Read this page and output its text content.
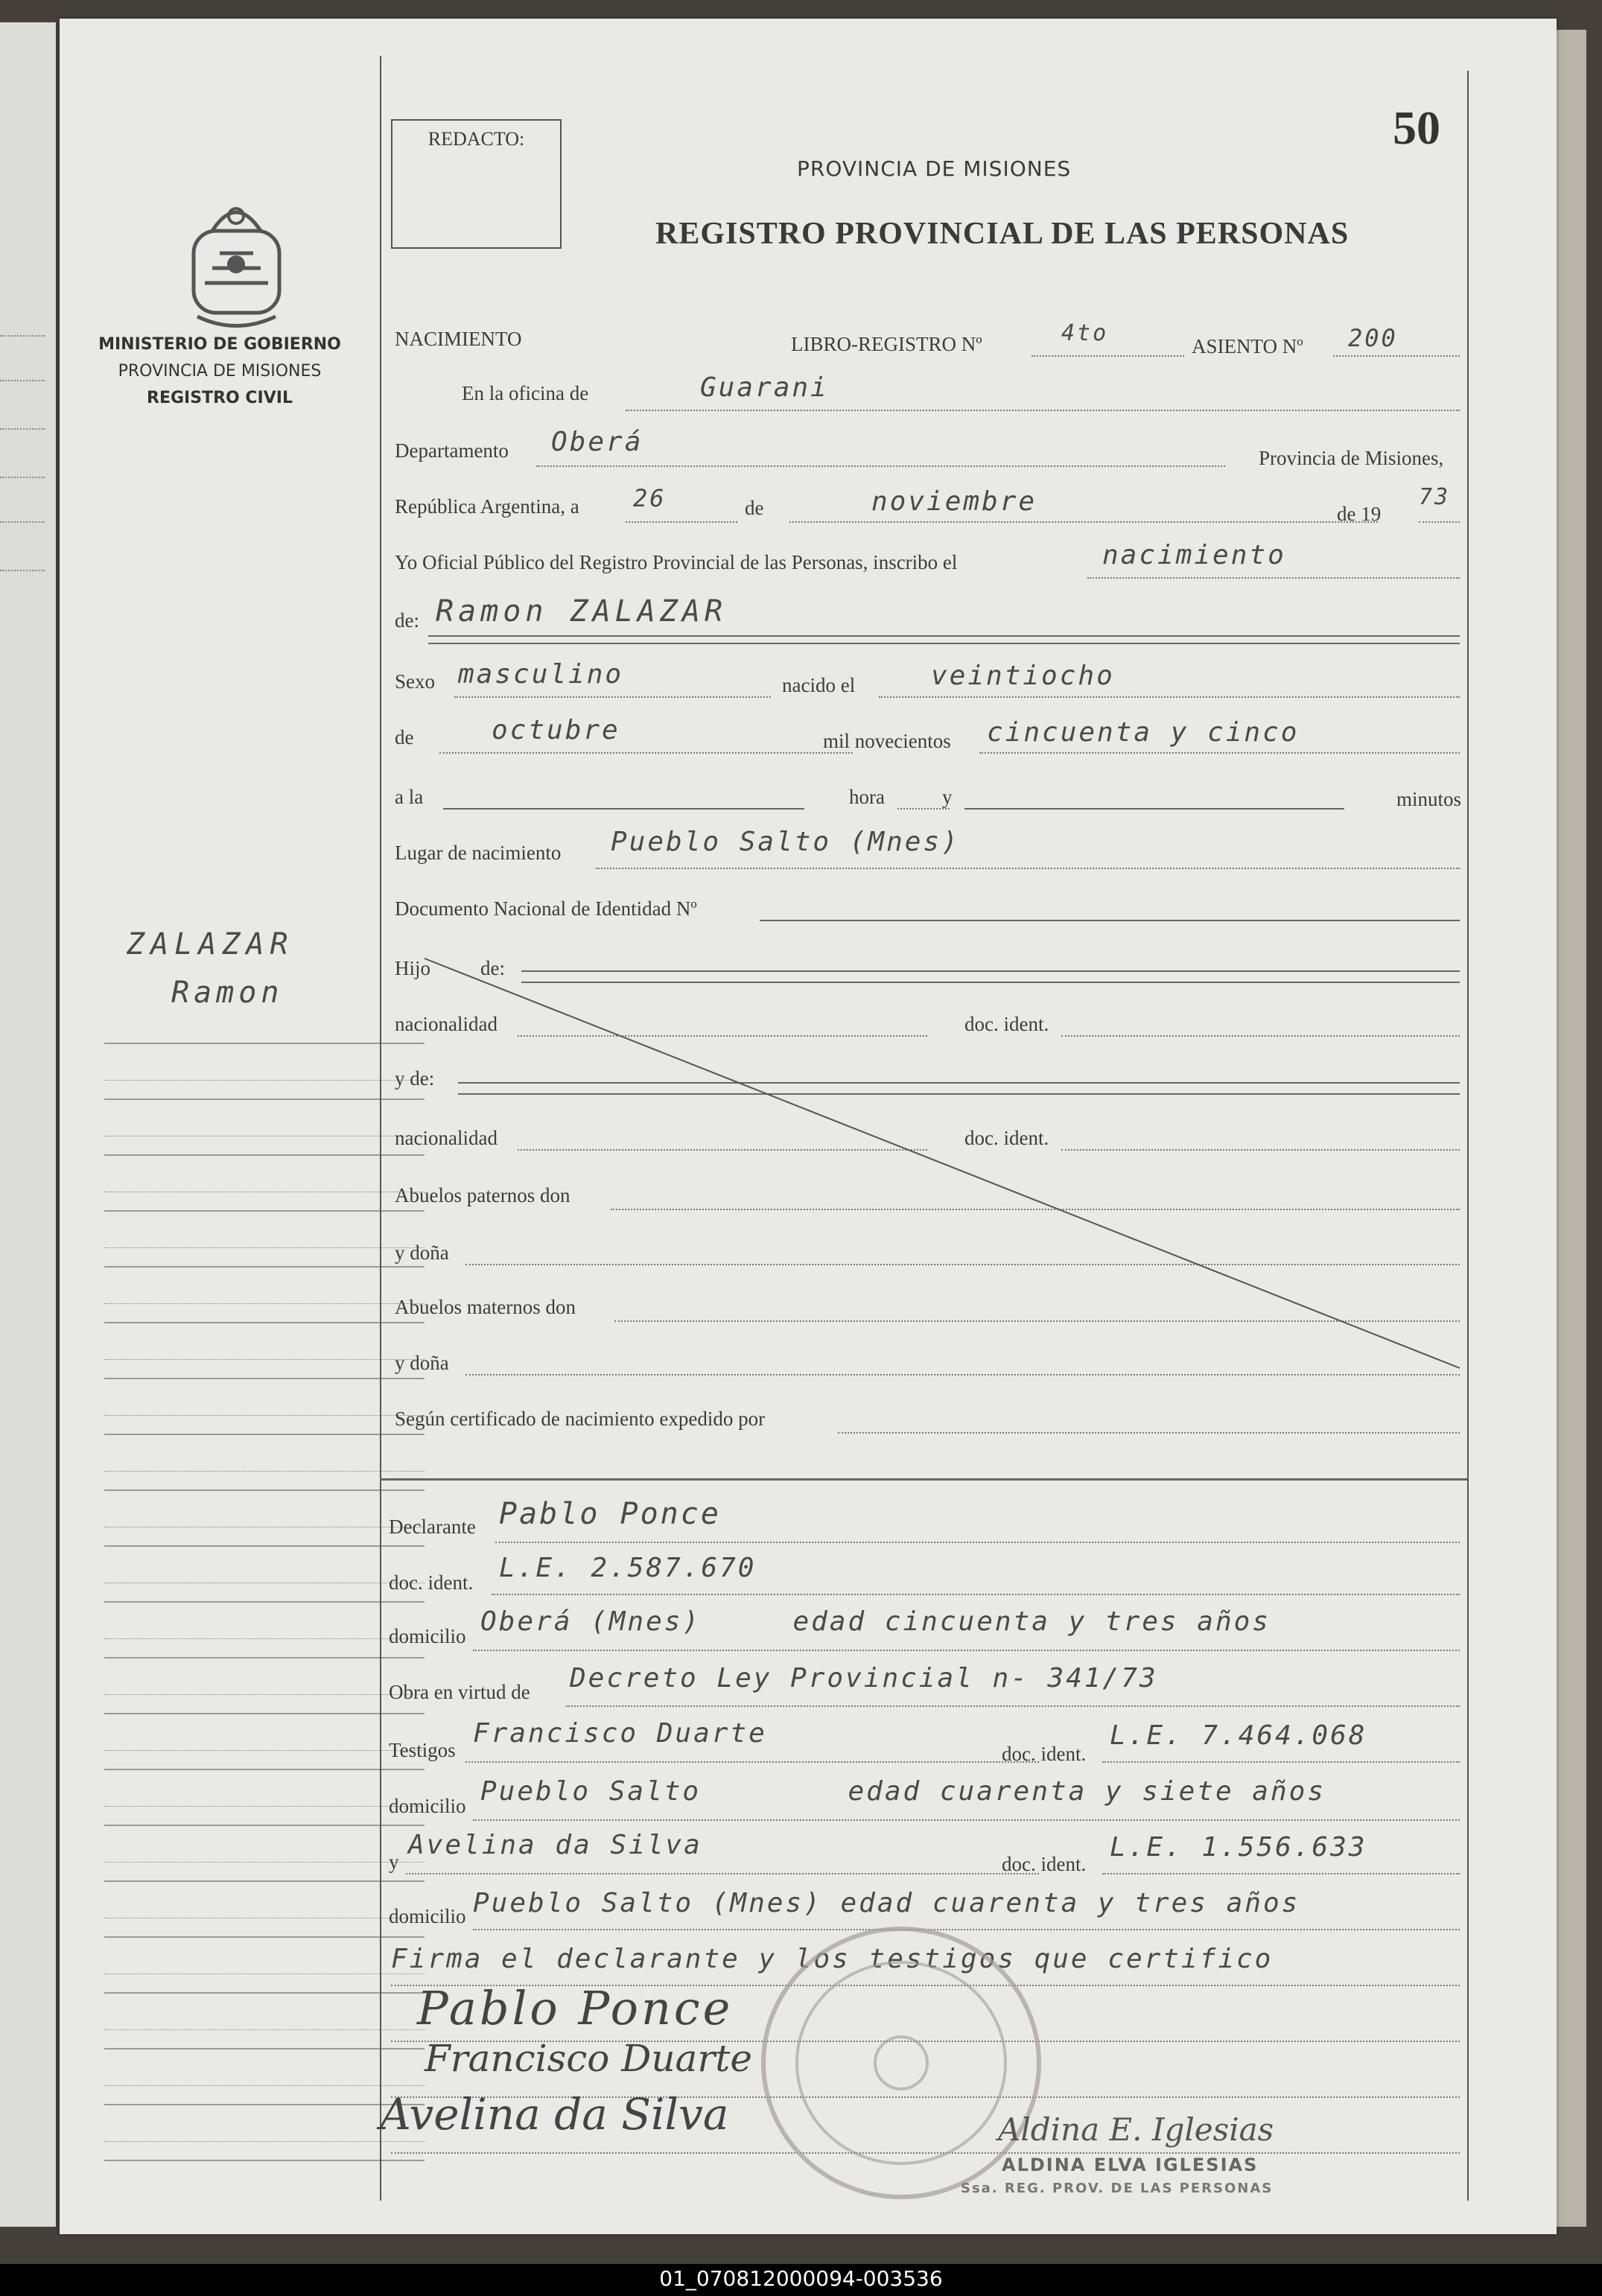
MINISTERIO DE GOBIERNO
PROVINCIA DE MISIONES
REGISTRO CIVIL
ZALAZAR
Ramon
REDACTO:
PROVINCIA DE MISIONES
REGISTRO PROVINCIAL DE LAS PERSONAS
50
NACIMIENTO	LIBRO-REGISTRO Nº	4to	ASIENTO Nº 200
En la oficina de	Guarani
Departamento Oberá
Provincia de Misiones,
República Argentina, a 26	de	noviembre	de 19
73
Yo Oficial Público del Registro Provincial de las Personas, inscribo el	nacimiento
de: Ramon ZALAZAR
Sexo masculino	nacido el	veintiocho
de	octubre	mil novecientos cincuenta y cinco
a la	hora	y	minutos
Lugar de nacimiento Pueblo Salto (Mnes)
Documento Nacional de Identidad Nº
Hijo de:
nacionalidad	doc. ident.
y de:
nacionalidad	doc. ident.
Abuelos paternos don
y doña
Abuelos maternos don
y doña
Según certificado de nacimiento expedido por
Declarante Pablo Ponce
doc. ident. L.E. 2.587.670
domicilio Oberá (Mnes)     edad cincuenta y tres años
Obra en virtud de Decreto Ley Provincial n- 341/73
Testigos
Francisco Duarte
doc. ident.
L.E. 7.464.068
domicilio Pueblo Salto        edad cuarenta y siete años
y
Avelina da Silva
doc. ident.
L.E. 1.556.633
domicilio Pueblo Salto (Mnes) edad cuarenta y tres años
Firma el declarante y los testigos que certifico
Pablo Ponce
Francisco Duarte
Avelina da Silva	Aldina E. Iglesias
ALDINA ELVA IGLESIAS
Ssa. REG. PROV. DE LAS PERSONAS
01_070812000094-003536
